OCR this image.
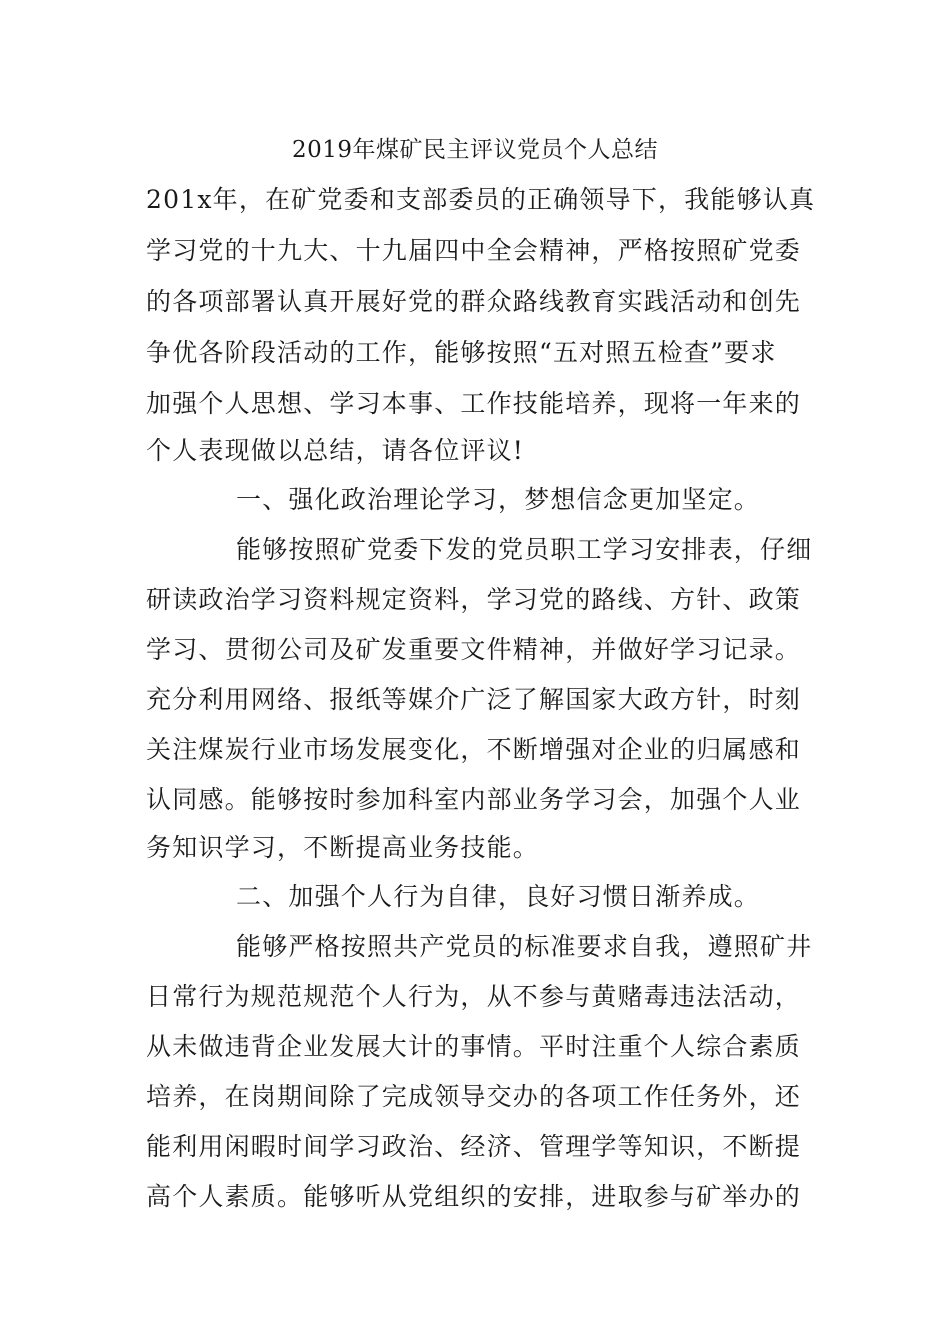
2019年煤矿民主评议党员个人总结
201x年，在矿党委和支部委员的正确领导下，我能够认真
学习党的十九大、十九届四中全会精神，严格按照矿党委
的各项部署认真开展好党的群众路线教育实践活动和创先
争优各阶段活动的工作，能够按照“五对照五检查”要求
加强个人思想、学习本事、工作技能培养，现将一年来的
个人表现做以总结，请各位评议!
一、强化政治理论学习，梦想信念更加坚定。
能够按照矿党委下发的党员职工学习安排表，仔细
研读政治学习资料规定资料，学习党的路线、方针、政策
学习、贯彻公司及矿发重要文件精神，并做好学习记录。
充分利用网络、报纸等媒介广泛了解国家大政方针，时刻
关注煤炭行业市场发展变化，不断增强对企业的归属感和
认同感。能够按时参加科室内部业务学习会，加强个人业
务知识学习，不断提高业务技能。
二、加强个人行为自律，良好习惯日渐养成。
能够严格按照共产党员的标准要求自我，遵照矿井
日常行为规范规范个人行为，从不参与黄赌毒违法活动，
从未做违背企业发展大计的事情。平时注重个人综合素质
培养，在岗期间除了完成领导交办的各项工作任务外，还
能利用闲暇时间学习政治、经济、管理学等知识，不断提
高个人素质。能够听从党组织的安排，进取参与矿举办的
